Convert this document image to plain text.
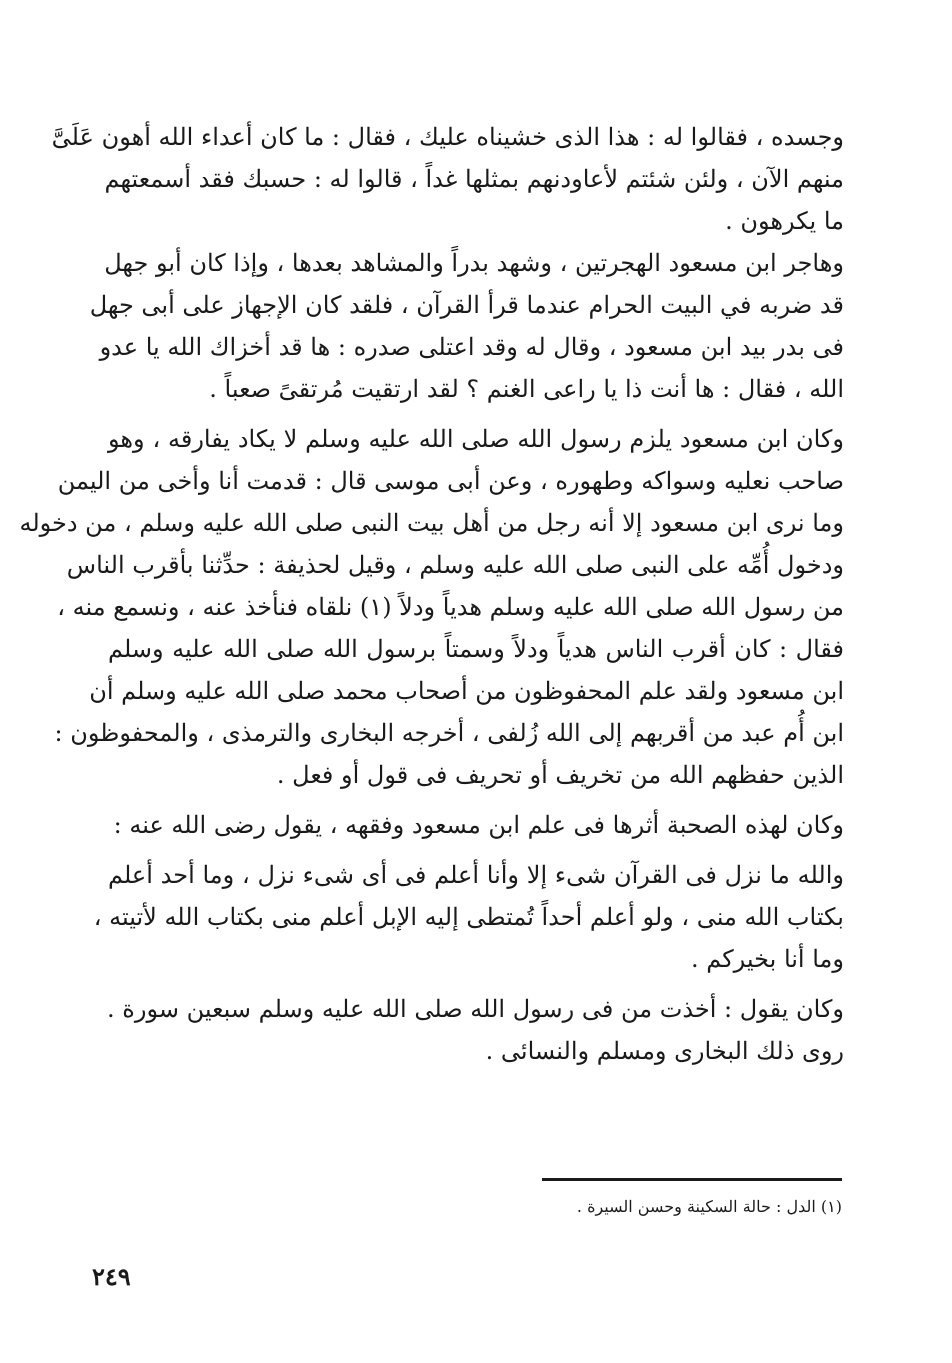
وجسده ، فقالوا له : هذا الذى خشيناه عليك ، فقال : ما كان أعداء الله أهون عَلَىَّ
منهم الآن ، ولئن شئتم لأعاودنهم بمثلها غداً ، قالوا له : حسبك فقد أسمعتهم
ما يكرهون .
وهاجر ابن مسعود الهجرتين ، وشهد بدراً والمشاهد بعدها ، وإذا كان أبو جهل
قد ضربه في البيت الحرام عندما قرأ القرآن ، فلقد كان الإجهاز على أبى جهل
فى بدر بيد ابن مسعود ، وقال له وقد اعتلى صدره : ها قد أخزاك الله يا عدو
الله ، فقال : ها أنت ذا يا راعى الغنم ؟ لقد ارتقيت مُرتقىً صعباً .
وكان ابن مسعود يلزم رسول الله صلى الله عليه وسلم لا يكاد يفارقه ، وهو
صاحب نعليه وسواكه وطهوره ، وعن أبى موسى قال : قدمت أنا وأخى من اليمن
وما نرى ابن مسعود إلا أنه رجل من أهل بيت النبى صلى الله عليه وسلم ، من دخوله
ودخول أُمِّه على النبى صلى الله عليه وسلم ، وقيل لحذيفة : حدِّثنا بأقرب الناس
من رسول الله صلى الله عليه وسلم هدياً ودلاً (١) نلقاه فنأخذ عنه ، ونسمع منه ،
فقال : كان أقرب الناس هدياً ودلاً وسمتاً برسول الله صلى الله عليه وسلم
ابن مسعود ولقد علم المحفوظون من أصحاب محمد صلى الله عليه وسلم أن
ابن أُم عبد من أقربهم إلى الله زُلفى ، أخرجه البخارى والترمذى ، والمحفوظون :
الذين حفظهم الله من تخريف أو تحريف فى قول أو فعل .
وكان لهذه الصحبة أثرها فى علم ابن مسعود وفقهه ، يقول رضى الله عنه :
والله ما نزل فى القرآن شىء إلا وأنا أعلم فى أى شىء نزل ، وما أحد أعلم
بكتاب الله منى ، ولو أعلم أحداً تُمتطى إليه الإبل أعلم منى بكتاب الله لأتيته ،
وما أنا بخيركم .
وكان يقول : أخذت من فى رسول الله صلى الله عليه وسلم سبعين سورة .
روى ذلك البخارى ومسلم والنسائى .
(١) الدل : حالة السكينة وحسن السيرة .
٢٤٩
